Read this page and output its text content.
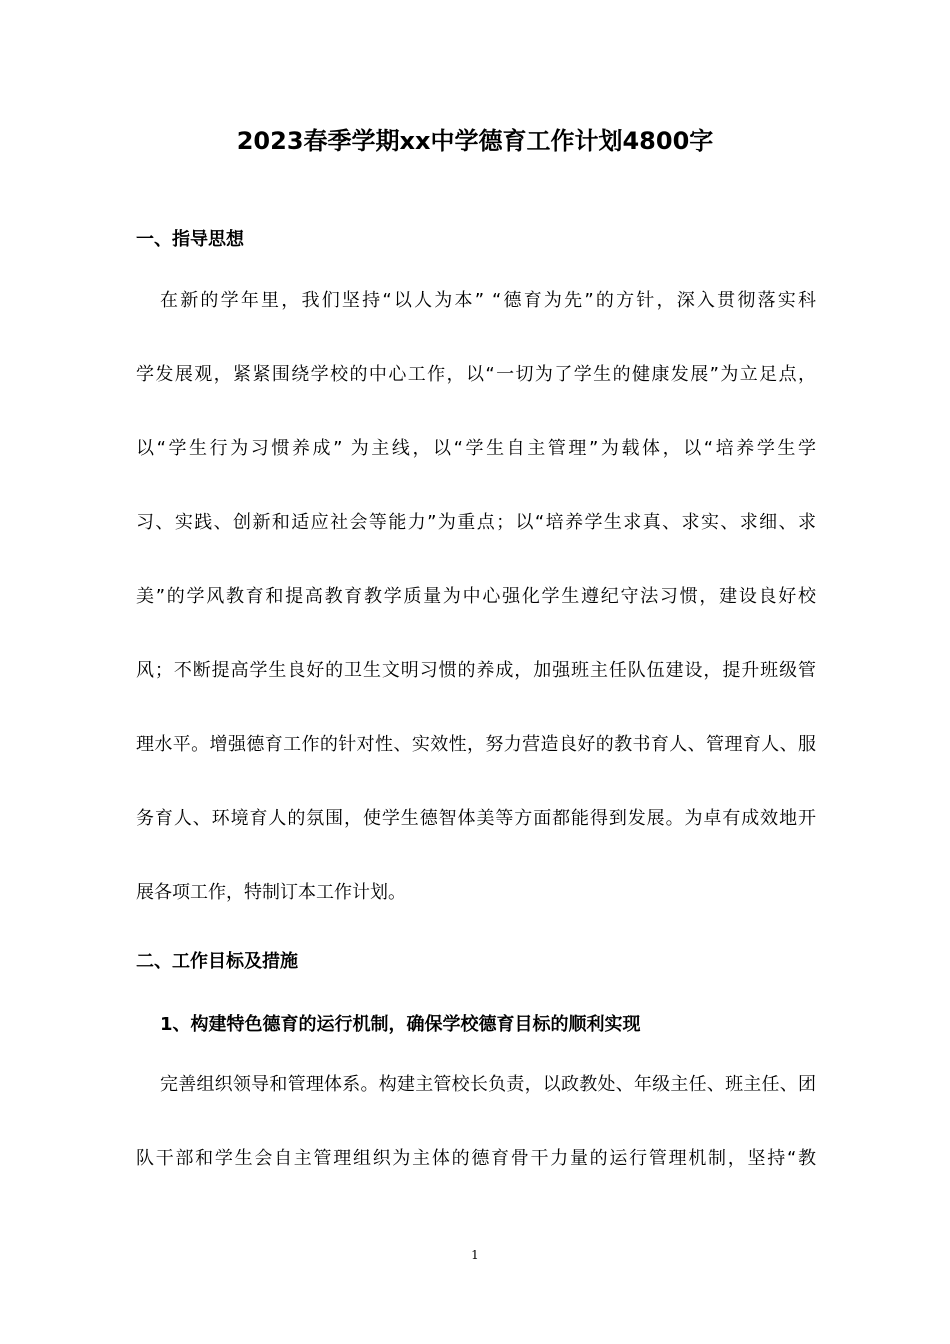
2023春季学期xx中学德育工作计划4800字
一、指导思想
在新的学年里，我们坚持“以人为本” “德育为先”的方针，深入贯彻落实科
学发展观，紧紧围绕学校的中心工作，以“一切为了学生的健康发展”为立足点，
以“学生行为习惯养成” 为主线，以“学生自主管理”为载体，以“培养学生学
习、实践、创新和适应社会等能力”为重点；以“培养学生求真、求实、求细、求
美”的学风教育和提高教育教学质量为中心强化学生遵纪守法习惯，建设良好校
风；不断提高学生良好的卫生文明习惯的养成，加强班主任队伍建设，提升班级管
理水平。增强德育工作的针对性、实效性，努力营造良好的教书育人、管理育人、服
务育人、环境育人的氛围，使学生德智体美等方面都能得到发展。为卓有成效地开
展各项工作，特制订本工作计划。
二、工作目标及措施
1、构建特色德育的运行机制，确保学校德育目标的顺利实现
完善组织领导和管理体系。构建主管校长负责，以政教处、年级主任、班主任、团
队干部和学生会自主管理组织为主体的德育骨干力量的运行管理机制，坚持“教
1
